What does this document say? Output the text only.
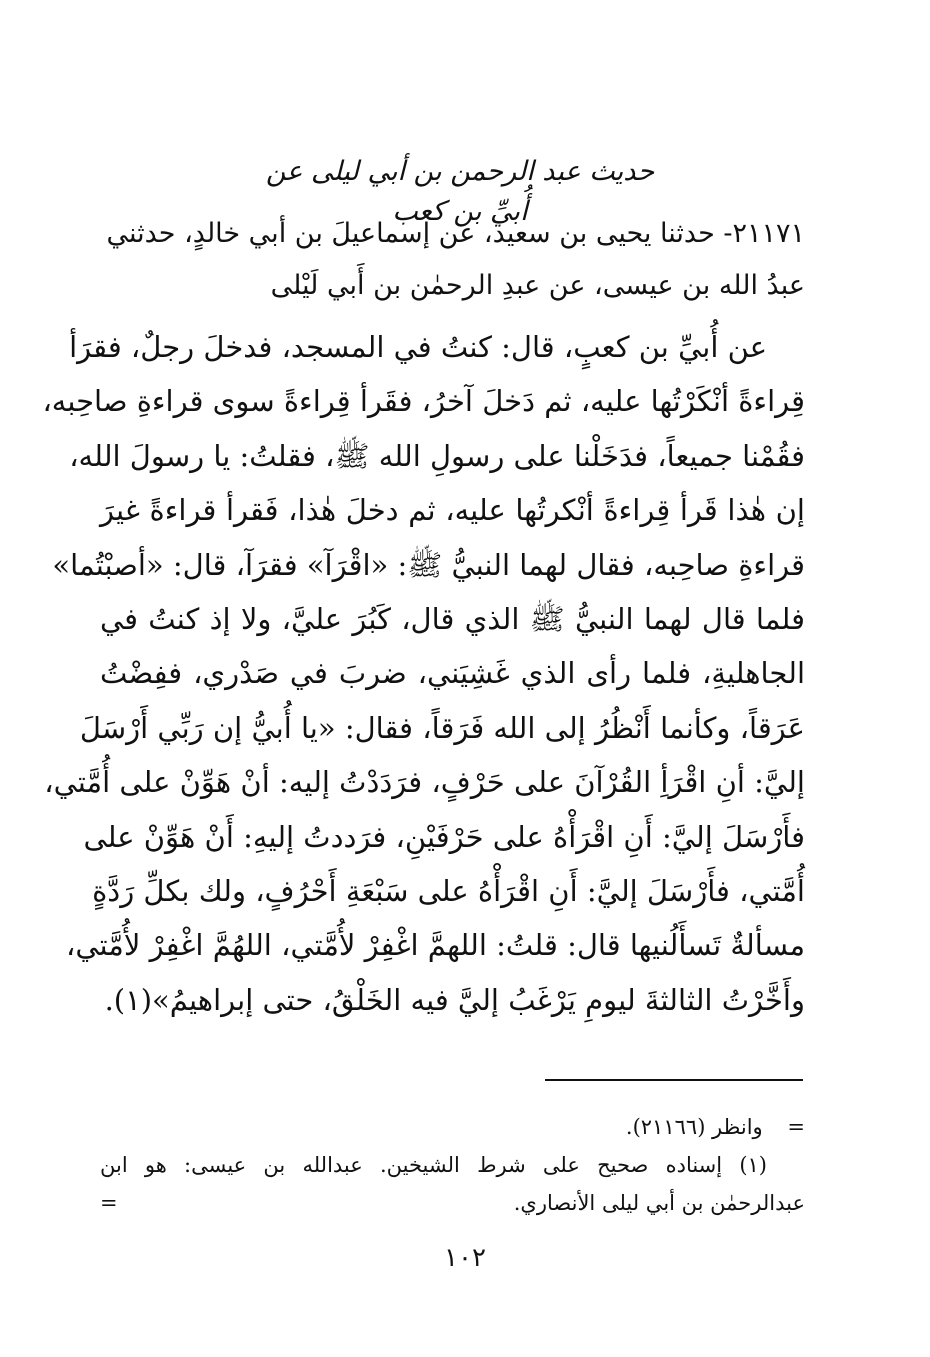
حديث عبد الرحمن بن أبي ليلى عن أُبيِّ بن كعب
٢١١٧١- حدثنا يحيى بن سعيد، عن إسماعيلَ بن أبي خالدٍ، حدثني
عبدُ الله بن عيسى، عن عبدِ الرحمٰن بن أَبي لَيْلى
عن أُبيِّ بن كعبٍ، قال: كنتُ في المسجد، فدخلَ رجلٌ، فقرَأ
قِراءةً أنْكَرْتُها عليه، ثم دَخلَ آخرُ، فقَرأ قِراءةً سوى قراءةِ صاحِبه،
فقُمْنا جميعاً، فدَخَلْنا على رسولِ الله ﷺ، فقلتُ: يا رسولَ الله،
إن هٰذا قَرأ قِراءةً أنْكرتُها عليه، ثم دخلَ هٰذا، فَقرأ قراءةً غيرَ
قراءةِ صاحِبه، فقال لهما النبيُّ ﷺ: «اقْرَآ» فقرَآ، قال: «أصبْتُما»
فلما قال لهما النبيُّ ﷺ الذي قال، كَبُرَ عليَّ، ولا إذ كنتُ في
الجاهليةِ، فلما رأى الذي غَشِيَني، ضربَ في صَدْري، ففِضْتُ
عَرَقاً، وكأنما أَنْظُرُ إلى الله فَرَقاً، فقال: «يا أُبيُّ إن رَبِّي أَرْسَلَ
إليَّ: أنِ اقْرَأِ القُرْآنَ على حَرْفٍ، فرَدَدْتُ إليه: أنْ هَوِّنْ على أُمَّتي،
فأَرْسَلَ إليَّ: أَنِ اقْرَأْهُ على حَرْفَيْنِ، فرَددتُ إليهِ: أَنْ هَوِّنْ على
أُمَّتي، فأَرْسَلَ إليَّ: أَنِ اقْرَأْهُ على سَبْعَةِ أَحْرُفٍ، ولك بكلِّ رَدَّةٍ
مسألةٌ تَسأَلُنيها قال: قلتُ: اللهمَّ اغْفِرْ لأُمَّتي، اللهُمَّ اغْفِرْ لأُمَّتي،
وأَخَّرْتُ الثالثةَ ليومِ يَرْغَبُ إليَّ فيه الخَلْقُ، حتى إبراهيمُ»(١).
= وانظر (٢١١٦٦).
(١) إسناده صحيح على شرط الشيخين. عبدالله بن عيسى: هو ابن
عبدالرحمٰن بن أبي ليلى الأنصاري.
=
١٠٢
